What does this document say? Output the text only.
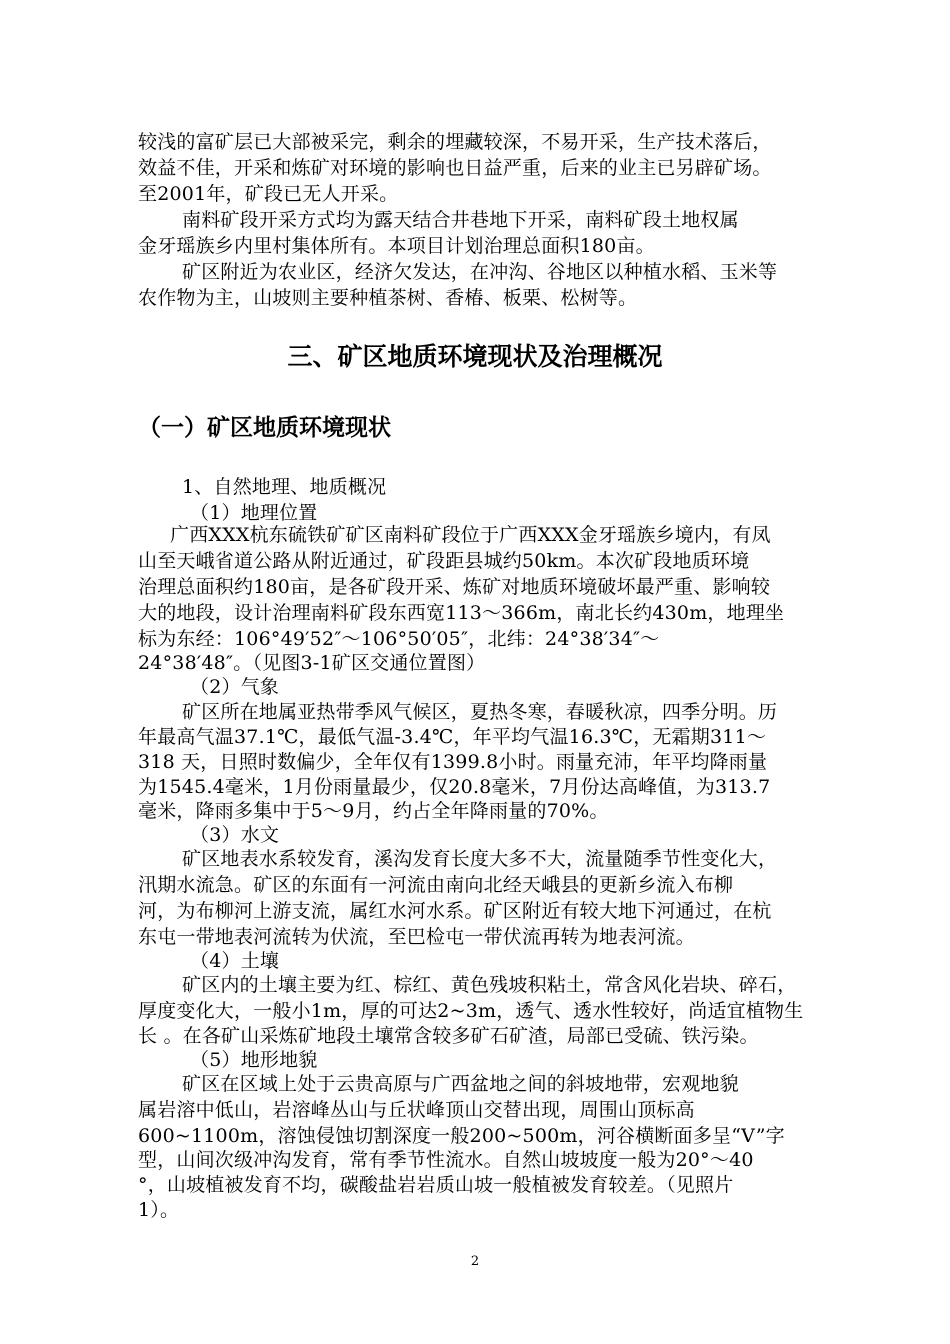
较浅的富矿层已大部被采完，剩余的埋藏较深，不易开采，生产技术落后，
效益不佳，开采和炼矿对环境的影响也日益严重，后来的业主已另辟矿场。
至2001年，矿段已无人开采。
南料矿段开采方式均为露天结合井巷地下开采，南料矿段土地权属
金牙瑶族乡内里村集体所有。本项目计划治理总面积180亩。
矿区附近为农业区，经济欠发达，在冲沟、谷地区以种植水稻、玉米等
农作物为主，山坡则主要种植茶树、香椿、板栗、松树等。
三、矿区地质环境现状及治理概况
（一）矿区地质环境现状
1、自然地理、地质概况
（1）地理位置
广西XXX杭东硫铁矿矿区南料矿段位于广西XXX金牙瑶族乡境内，有凤
山至天峨省道公路从附近通过，矿段距县城约50km。本次矿段地质环境
治理总面积约180亩，是各矿段开采、炼矿对地质环境破坏最严重、影响较
大的地段，设计治理南料矿段东西宽113～366m，南北长约430m，地理坐
标为东经：106°49′52″～106°50′05″，北纬：24°38′34″～
24°38′48″。（见图3-1矿区交通位置图）
（2）气象
矿区所在地属亚热带季风气候区，夏热冬寒，春暖秋凉，四季分明。历
年最高气温37.1℃，最低气温-3.4℃，年平均气温16.3℃，无霜期311～
318 天，日照时数偏少，全年仅有1399.8小时。雨量充沛，年平均降雨量
为1545.4毫米，1月份雨量最少，仅20.8毫米，7月份达高峰值，为313.7
毫米，降雨多集中于5～9月，约占全年降雨量的70%。
（3）水文
矿区地表水系较发育，溪沟发育长度大多不大，流量随季节性变化大，
汛期水流急。矿区的东面有一河流由南向北经天峨县的更新乡流入布柳
河，为布柳河上游支流，属红水河水系。矿区附近有较大地下河通过，在杭
东屯一带地表河流转为伏流，至巴检屯一带伏流再转为地表河流。
（4）土壤
矿区内的土壤主要为红、棕红、黄色残坡积粘土，常含风化岩块、碎石，
厚度变化大，一般小1m，厚的可达2~3m，透气、透水性较好，尚适宜植物生
长 。在各矿山采炼矿地段土壤常含较多矿石矿渣，局部已受硫、铁污染。
（5）地形地貌
矿区在区域上处于云贵高原与广西盆地之间的斜坡地带，宏观地貌
属岩溶中低山，岩溶峰丛山与丘状峰顶山交替出现，周围山顶标高
600~1100m，溶蚀侵蚀切割深度一般200~500m，河谷横断面多呈“V”字
型，山间次级冲沟发育，常有季节性流水。自然山坡坡度一般为20°～40
°，山坡植被发育不均，碳酸盐岩岩质山坡一般植被发育较差。（见照片
1）。
2
